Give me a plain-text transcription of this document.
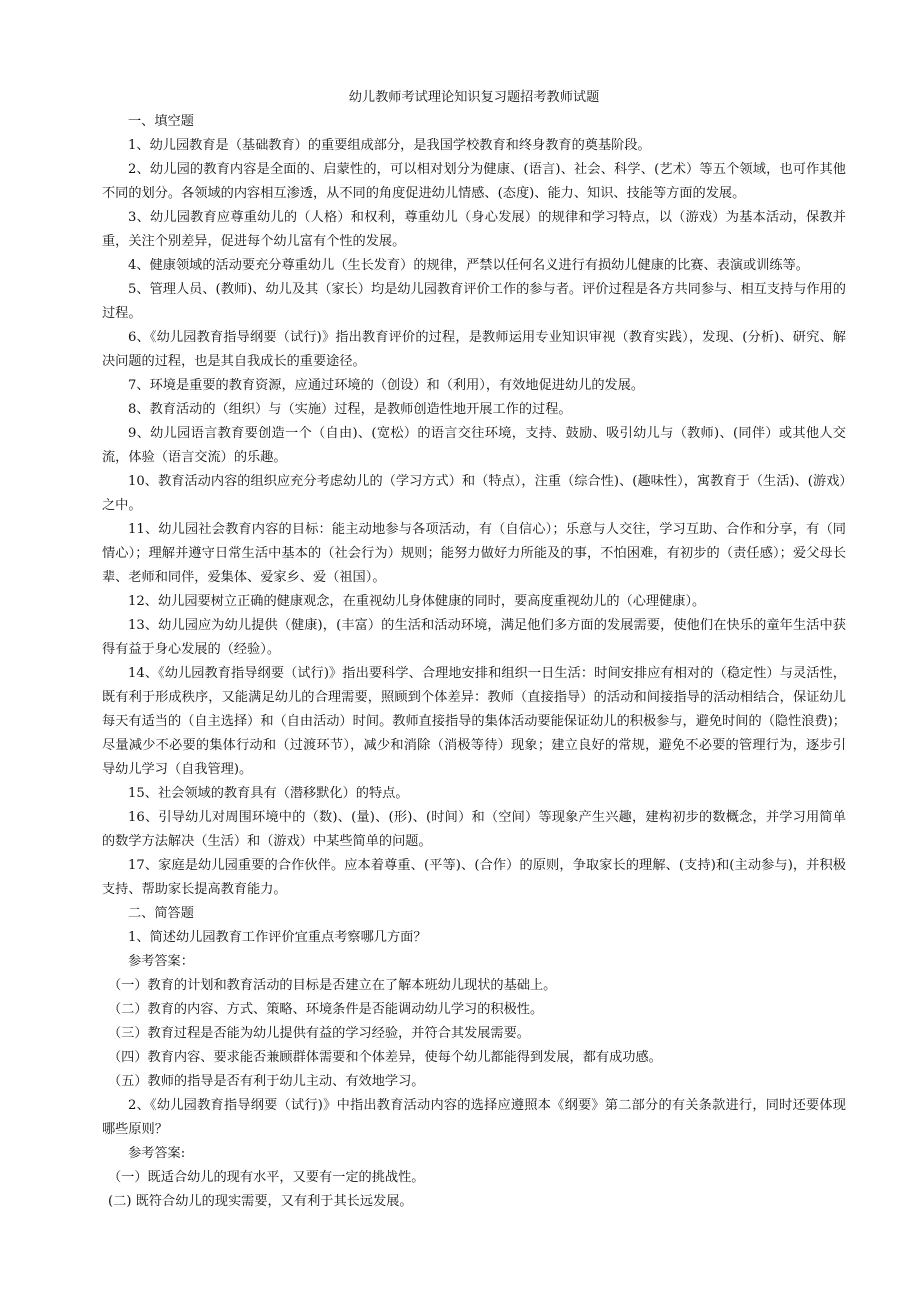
幼儿教师考试理论知识复习题招考教师试题

一、填空题

1、幼儿园教育是（基础教育）的重要组成部分，是我国学校教育和终身教育的奠基阶段。

2、幼儿园的教育内容是全面的、启蒙性的，可以相对划分为健康、(语言)、社会、科学、(艺术）等五个领域，也可作其他不同的划分。各领域的内容相互渗透，从不同的角度促进幼儿情感、(态度)、能力、知识、技能等方面的发展。

3、幼儿园教育应尊重幼儿的（人格）和权利，尊重幼儿（身心发展）的规律和学习特点，以（游戏）为基本活动，保教并重，关注个别差异，促进每个幼儿富有个性的发展。

4、健康领域的活动要充分尊重幼儿（生长发育）的规律，严禁以任何名义进行有损幼儿健康的比赛、表演或训练等。

5、管理人员、(教师)、幼儿及其（家长）均是幼儿园教育评价工作的参与者。评价过程是各方共同参与、相互支持与作用的过程。

6、《幼儿园教育指导纲要（试行)》指出教育评价的过程，是教师运用专业知识审视（教育实践），发现、(分析)、研究、解决问题的过程，也是其自我成长的重要途径。

7、环境是重要的教育资源，应通过环境的（创设）和（利用），有效地促进幼儿的发展。

8、教育活动的（组织）与（实施）过程，是教师创造性地开展工作的过程。

9、幼儿园语言教育要创造一个（自由)、(宽松）的语言交往环境，支持、鼓励、吸引幼儿与（教师)、(同伴）或其他人交流，体验（语言交流）的乐趣。

10、教育活动内容的组织应充分考虑幼儿的（学习方式）和（特点），注重（综合性)、(趣味性），寓教育于（生活)、(游戏）之中。

11、幼儿园社会教育内容的目标：能主动地参与各项活动，有（自信心）；乐意与人交往，学习互助、合作和分享，有（同情心）；理解并遵守日常生活中基本的（社会行为）规则；能努力做好力所能及的事，不怕困难，有初步的（责任感）；爱父母长辈、老师和同伴，爱集体、爱家乡、爱（祖国）。

12、幼儿园要树立正确的健康观念，在重视幼儿身体健康的同时，要高度重视幼儿的（心理健康）。

13、幼儿园应为幼儿提供（健康)，(丰富）的生活和活动环境，满足他们多方面的发展需要，使他们在快乐的童年生活中获得有益于身心发展的（经验）。

14、《幼儿园教育指导纲要（试行)》指出要科学、合理地安排和组织一日生活：时间安排应有相对的（稳定性）与灵活性，既有利于形成秩序，又能满足幼儿的合理需要，照顾到个体差异：教师（直接指导）的活动和间接指导的活动相结合，保证幼儿每天有适当的（自主选择）和（自由活动）时间。教师直接指导的集体活动要能保证幼儿的积极参与，避免时间的（隐性浪费)；尽量减少不必要的集体行动和（过渡环节），减少和消除（消极等待）现象；建立良好的常规，避免不必要的管理行为，逐步引导幼儿学习（自我管理)。

15、社会领域的教育具有（潜移默化）的特点。

16、引导幼儿对周围环境中的（数)、(量)、(形)、(时间）和（空间）等现象产生兴趣，建构初步的数概念，并学习用简单的数学方法解决（生活）和（游戏）中某些简单的问题。

17、家庭是幼儿园重要的合作伙伴。应本着尊重、(平等)、(合作）的原则，争取家长的理解、(支持)和(主动参与)，并积极支持、帮助家长提高教育能力。

二、简答题

1、简述幼儿园教育工作评价宜重点考察哪几方面？

参考答案：

（一）教育的计划和教育活动的目标是否建立在了解本班幼儿现状的基础上。

（二）教育的内容、方式、策略、环境条件是否能调动幼儿学习的积极性。

（三）教育过程是否能为幼儿提供有益的学习经验，并符合其发展需要。

（四）教育内容、要求能否兼顾群体需要和个体差异，使每个幼儿都能得到发展，都有成功感。

（五）教师的指导是否有利于幼儿主动、有效地学习。

2、《幼儿园教育指导纲要（试行)》中指出教育活动内容的选择应遵照本《纲要》第二部分的有关条款进行，同时还要体现哪些原则？

参考答案:

（一）既适合幼儿的现有水平，又要有一定的挑战性。

(二) 既符合幼儿的现实需要，又有利于其长远发展。
